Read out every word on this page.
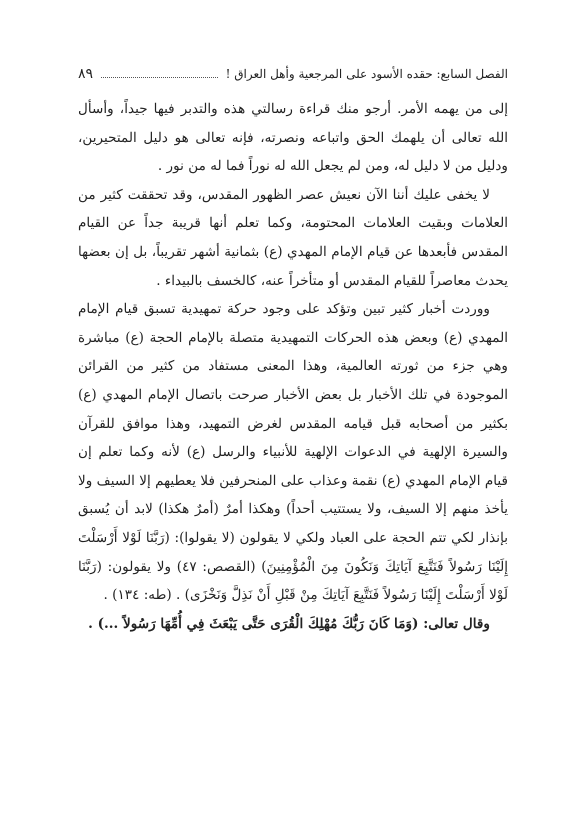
الفصل السابع: حقده الأسود على المرجعية وأهل العراق !
٨٩

إلى من يهمه الأمر. أرجو منك قراءة رسالتي هذه والتدبر فيها جيداً، وأسأل الله تعالى أن يلهمك الحق واتباعه ونصرته، فإنه تعالى هو دليل المتحيرين، ودليل من لا دليل له، ومن لم يجعل الله له نوراً فما له من نور .

لا يخفى عليك أننا الآن نعيش عصر الظهور المقدس، وقد تحققت كثير من العلامات وبقيت العلامات المحتومة، وكما تعلم أنها قريبة جداً عن القيام المقدس فأبعدها عن قيام الإمام المهدي (ع) بثمانية أشهر تقريباً، بل إن بعضها يحدث معاصراً للقيام المقدس أو متأخراً عنه، كالخسف بالبيداء .

ووردت أخبار كثير تبين وتؤكد على وجود حركة تمهيدية تسبق قيام الإمام المهدي (ع) وبعض هذه الحركات التمهيدية متصلة بالإمام الحجة (ع) مباشرة وهي جزء من ثورته العالمية، وهذا المعنى مستفاد من كثير من القرائن الموجودة في تلك الأخبار بل بعض الأخبار صرحت باتصال الإمام المهدي (ع) بكثير من أصحابه قبل قيامه المقدس لغرض التمهيد، وهذا موافق للقرآن والسيرة الإلهية في الدعوات الإلهية للأنبياء والرسل (ع) لأنه وكما تعلم إن قيام الإمام المهدي (ع) نقمة وعذاب على المنحرفين فلا يعطيهم إلا السيف ولا يأخذ منهم إلا السيف، ولا يستتيب أحداً) وهكذا أمرٌ (أمرٌ هكذا) لابد أن يُسبق بإنذار لكي تتم الحجة على العباد ولكي لا يقولون (لا يقولوا): (رَبَّنَا لَوْلا أَرْسَلْتَ إِلَيْنَا رَسُولاً فَنَتَّبِعَ آيَاتِكَ وَنَكُونَ مِنَ الْمُؤْمِنِينَ) (القصص: ٤٧) ولا يقولون: (رَبَّنَا لَوْلا أَرْسَلْتَ إِلَيْنَا رَسُولاً فَنَتَّبِعَ آيَاتِكَ مِنْ قَبْلِ أَنْ نَذِلَّ وَنَخْزَى) . (طه: ١٣٤) .

وقال تعالى: (وَمَا كَانَ رَبُّكَ مُهْلِكَ الْقُرَى حَتَّى يَبْعَثَ فِي أُمِّهَا رَسُولاً ...) .
